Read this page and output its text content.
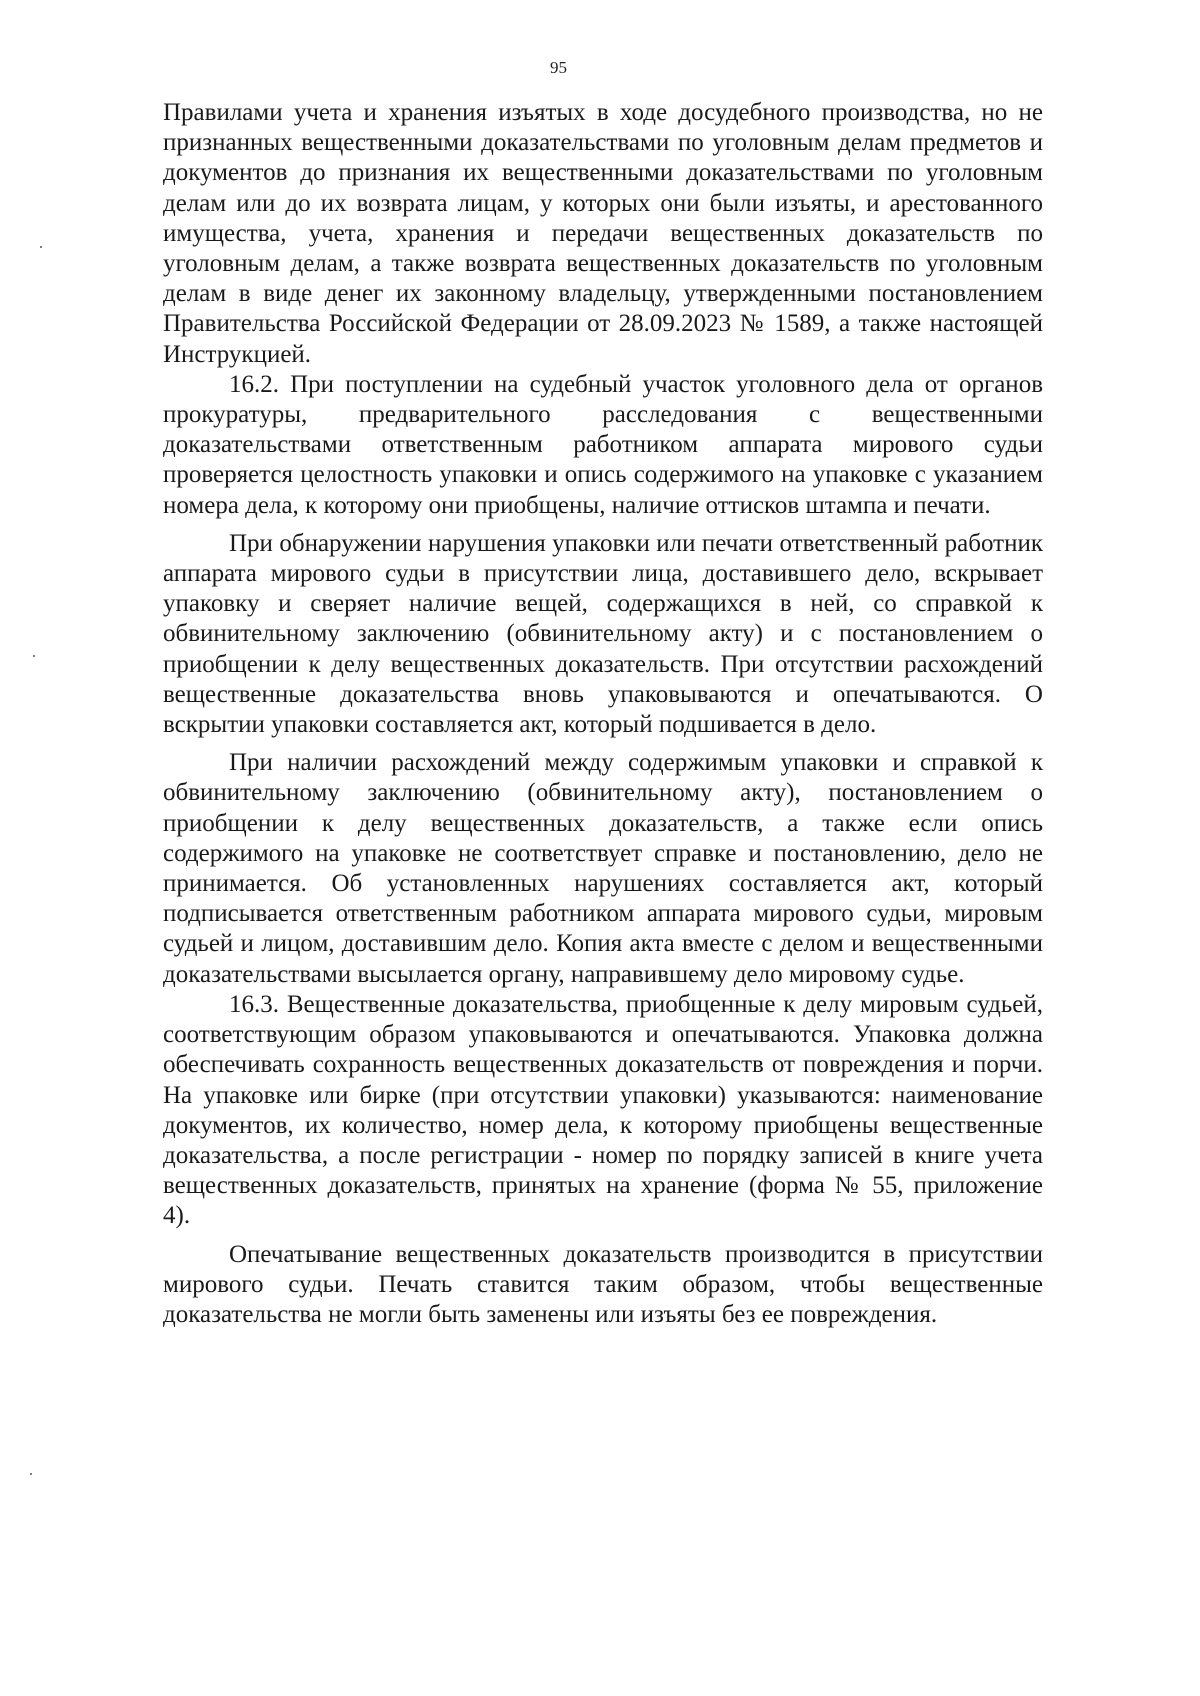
95

Правилами учета и хранения изъятых в ходе досудебного производства, но не признанных вещественными доказательствами по уголовным делам предметов и документов до признания их вещественными доказательствами по уголовным делам или до их возврата лицам, у которых они были изъяты, и арестованного имущества, учета, хранения и передачи вещественных доказательств по уголовным делам, а также возврата вещественных доказательств по уголовным делам в виде денег их законному владельцу, утвержденными постановлением Правительства Российской Федерации от 28.09.2023 № 1589, а также настоящей Инструкцией.

16.2. При поступлении на судебный участок уголовного дела от органов прокуратуры, предварительного расследования с вещественными доказательствами ответственным работником аппарата мирового судьи проверяется целостность упаковки и опись содержимого на упаковке с указанием номера дела, к которому они приобщены, наличие оттисков штампа и печати.

При обнаружении нарушения упаковки или печати ответственный работник аппарата мирового судьи в присутствии лица, доставившего дело, вскрывает упаковку и сверяет наличие вещей, содержащихся в ней, со справкой к обвинительному заключению (обвинительному акту) и с постановлением о приобщении к делу вещественных доказательств. При отсутствии расхождений вещественные доказательства вновь упаковываются и опечатываются. О вскрытии упаковки составляется акт, который подшивается в дело.

При наличии расхождений между содержимым упаковки и справкой к обвинительному заключению (обвинительному акту), постановлением о приобщении к делу вещественных доказательств, а также если опись содержимого на упаковке не соответствует справке и постановлению, дело не принимается. Об установленных нарушениях составляется акт, который подписывается ответственным работником аппарата мирового судьи, мировым судьей и лицом, доставившим дело. Копия акта вместе с делом и вещественными доказательствами высылается органу, направившему дело мировому судье.

16.3. Вещественные доказательства, приобщенные к делу мировым судьей, соответствующим образом упаковываются и опечатываются. Упаковка должна обеспечивать сохранность вещественных доказательств от повреждения и порчи. На упаковке или бирке (при отсутствии упаковки) указываются: наименование документов, их количество, номер дела, к которому приобщены вещественные доказательства, а после регистрации - номер по порядку записей в книге учета вещественных доказательств, принятых на хранение (форма № 55, приложение 4).

Опечатывание вещественных доказательств производится в присутствии мирового судьи. Печать ставится таким образом, чтобы вещественные доказательства не могли быть заменены или изъяты без ее повреждения.
